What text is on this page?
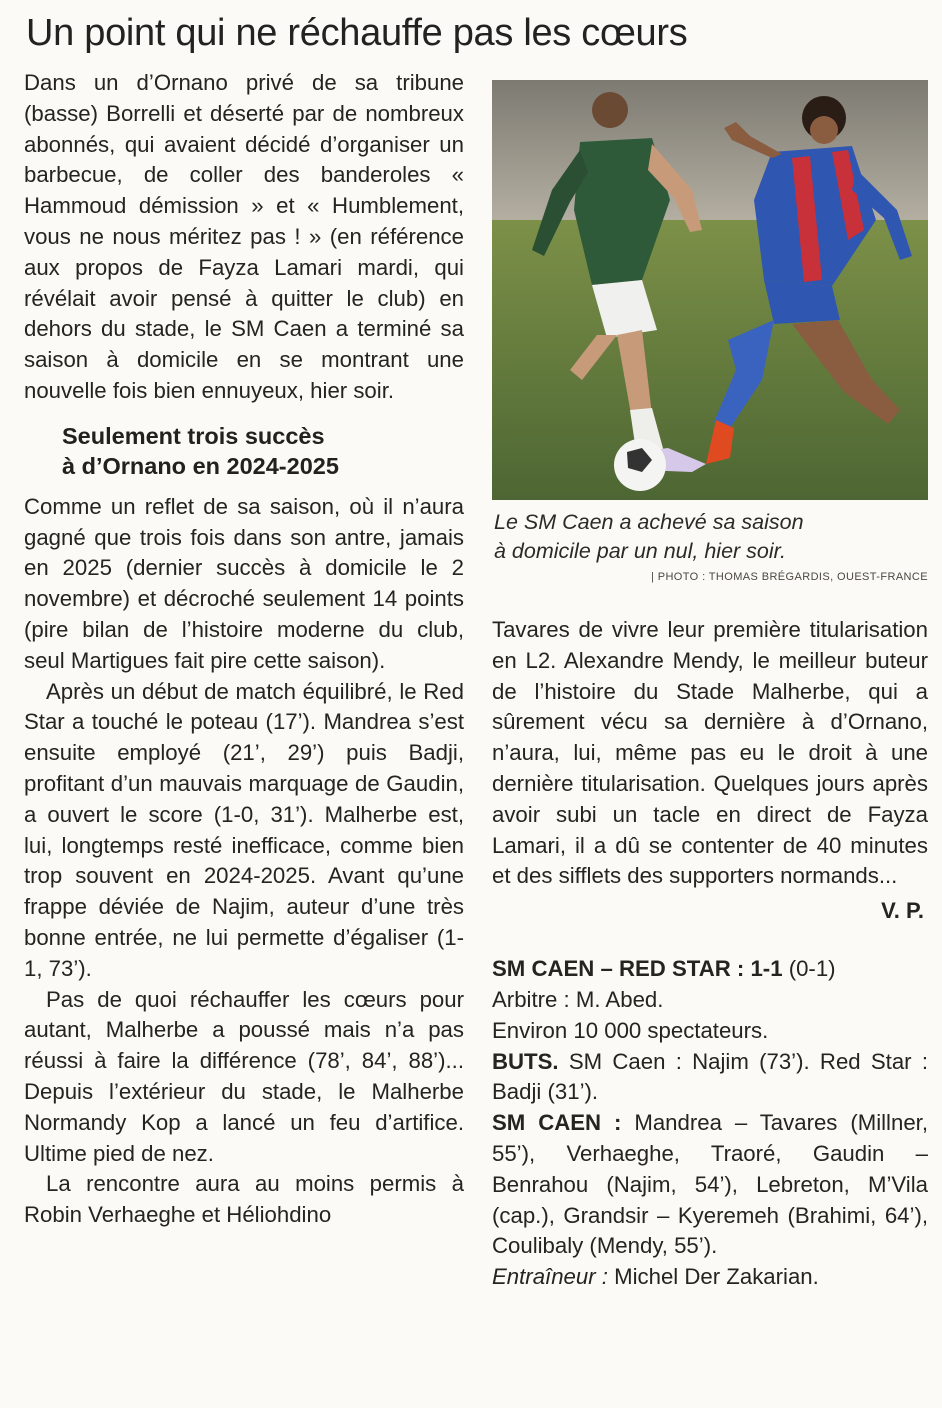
Un point qui ne réchauffe pas les cœurs

Dans un d’Ornano privé de sa tribune (basse) Borrelli et déserté par de nombreux abonnés, qui avaient décidé d’organiser un barbecue, de coller des banderoles « Hammoud démission » et « Humblement, vous ne nous méritez pas ! » (en référence aux propos de Fayza Lamari mardi, qui révélait avoir pensé à quitter le club) en dehors du stade, le SM Caen a terminé sa saison à domicile en se montrant une nouvelle fois bien ennuyeux, hier soir.

Seulement trois succès
à d’Ornano en 2024-2025

Comme un reflet de sa saison, où il n’aura gagné que trois fois dans son antre, jamais en 2025 (dernier succès à domicile le 2 novembre) et décroché seulement 14 points (pire bilan de l’histoire moderne du club, seul Martigues fait pire cette saison).

Après un début de match équilibré, le Red Star a touché le poteau (17’). Mandrea s’est ensuite employé (21’, 29’) puis Badji, profitant d’un mauvais marquage de Gaudin, a ouvert le score (1-0, 31’). Malherbe est, lui, longtemps resté inefficace, comme bien trop souvent en 2024-2025. Avant qu’une frappe déviée de Najim, auteur d’une très bonne entrée, ne lui permette d’égaliser (1-1, 73’).

Pas de quoi réchauffer les cœurs pour autant, Malherbe a poussé mais n’a pas réussi à faire la différence (78’, 84’, 88’)... Depuis l’extérieur du stade, le Malherbe Normandy Kop a lancé un feu d’artifice. Ultime pied de nez.

La rencontre aura au moins permis à Robin Verhaeghe et Héliohdino

Le SM Caen a achevé sa saison
à domicile par un nul, hier soir.
| PHOTO : THOMAS BRÉGARDIS, OUEST-FRANCE

Tavares de vivre leur première titularisation en L2. Alexandre Mendy, le meilleur buteur de l’histoire du Stade Malherbe, qui a sûrement vécu sa dernière à d’Ornano, n’aura, lui, même pas eu le droit à une dernière titularisation. Quelques jours après avoir subi un tacle en direct de Fayza Lamari, il a dû se contenter de 40 minutes et des sifflets des supporters normands...

V. P.

SM CAEN – RED STAR : 1-1 (0-1)

Arbitre : M. Abed.

Environ 10 000 spectateurs.

BUTS. SM Caen : Najim (73’). Red Star : Badji (31’).

SM CAEN : Mandrea – Tavares (Millner, 55’), Verhaeghe, Traoré, Gaudin – Benrahou (Najim, 54’), Lebreton, M’Vila (cap.), Grandsir – Kyeremeh (Brahimi, 64’), Coulibaly (Mendy, 55’).

Entraîneur : Michel Der Zakarian.
